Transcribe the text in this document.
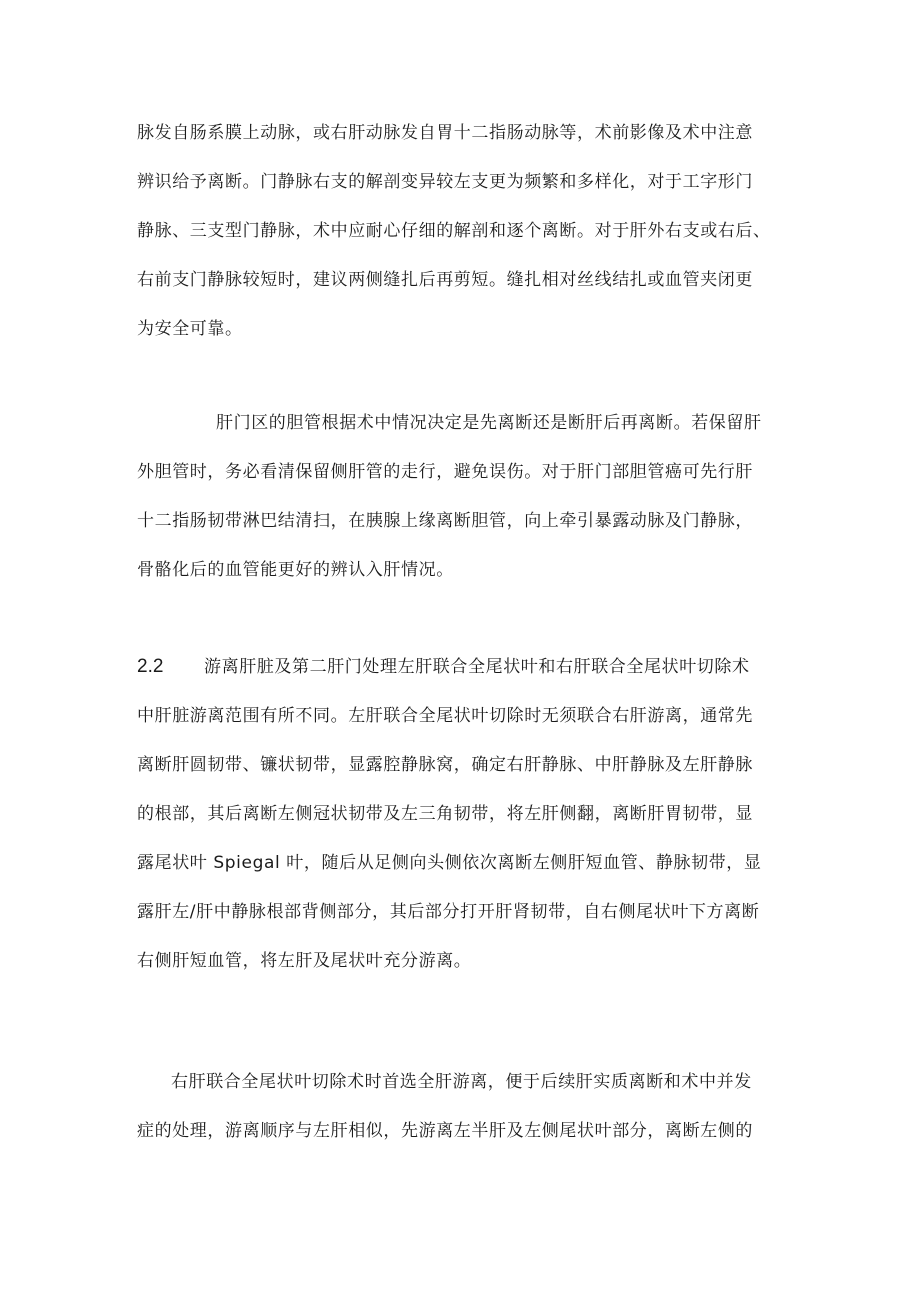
脉发自肠系膜上动脉，或右肝动脉发自胃十二指肠动脉等，术前影像及术中注意
辨识给予离断。门静脉右支的解剖变异较左支更为频繁和多样化，对于工字形门
静脉、三支型门静脉，术中应耐心仔细的解剖和逐个离断。对于肝外右支或右后、
右前支门静脉较短时，建议两侧缝扎后再剪短。缝扎相对丝线结扎或血管夹闭更
为安全可靠。
肝门区的胆管根据术中情况决定是先离断还是断肝后再离断。若保留肝
外胆管时，务必看清保留侧肝管的走行，避免误伤。对于肝门部胆管癌可先行肝
十二指肠韧带淋巴结清扫，在胰腺上缘离断胆管，向上牵引暴露动脉及门静脉，
骨骼化后的血管能更好的辨认入肝情况。
2.2 游离肝脏及第二肝门处理左肝联合全尾状叶和右肝联合全尾状叶切除术
中肝脏游离范围有所不同。左肝联合全尾状叶切除时无须联合右肝游离，通常先
离断肝圆韧带、镰状韧带，显露腔静脉窝，确定右肝静脉、中肝静脉及左肝静脉
的根部，其后离断左侧冠状韧带及左三角韧带，将左肝侧翻，离断肝胃韧带，显
露尾状叶 Spiegal 叶，随后从足侧向头侧依次离断左侧肝短血管、静脉韧带，显
露肝左/肝中静脉根部背侧部分，其后部分打开肝肾韧带，自右侧尾状叶下方离断
右侧肝短血管，将左肝及尾状叶充分游离。
右肝联合全尾状叶切除术时首选全肝游离，便于后续肝实质离断和术中并发
症的处理，游离顺序与左肝相似，先游离左半肝及左侧尾状叶部分，离断左侧的
